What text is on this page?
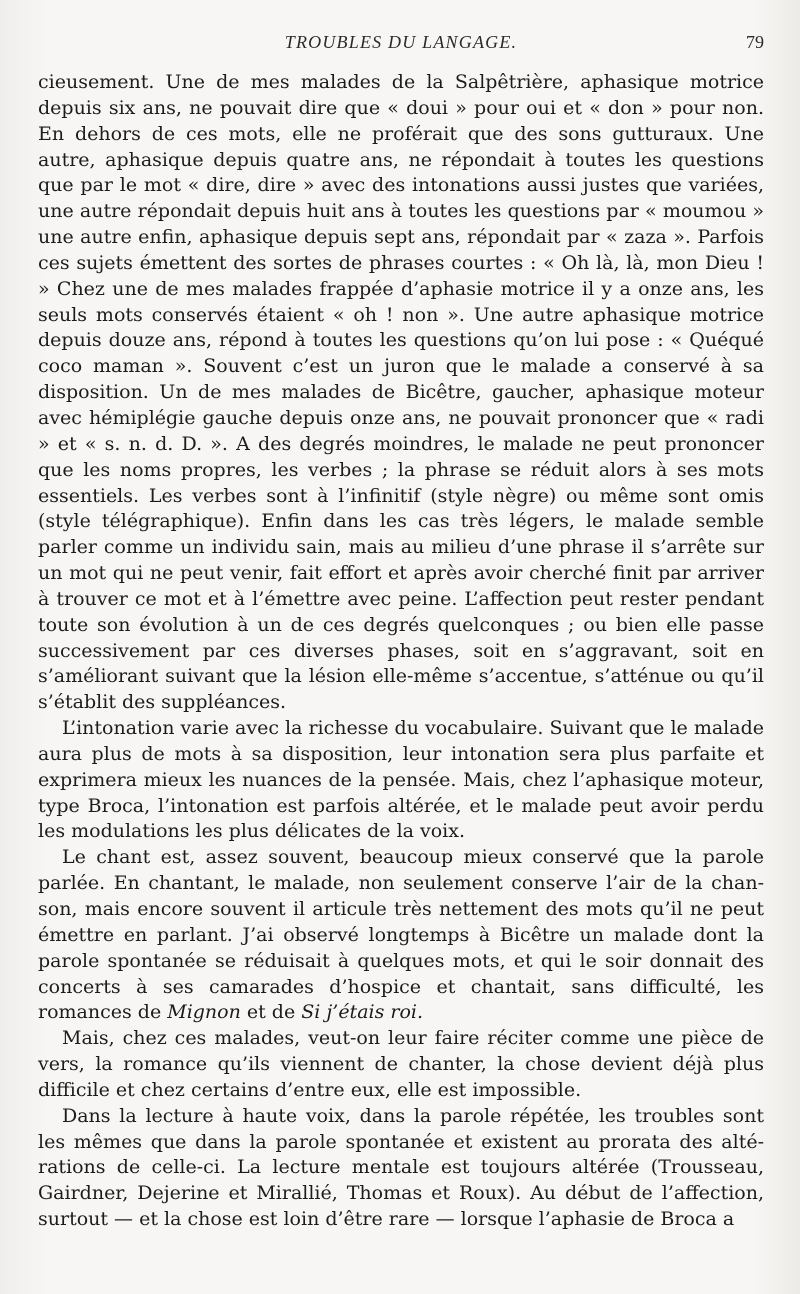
TROUBLES DU LANGAGE.	79

cieusement. Une de mes malades de la Salpêtrière, aphasique motrice depuis six ans, ne pouvait dire que « doui » pour oui et « don » pour non. En dehors de ces mots, elle ne proférait que des sons gutturaux. Une autre, aphasique depuis quatre ans, ne répondait à toutes les questions que par le mot « dire, dire » avec des intonations aussi justes que variées, une autre répondait depuis huit ans à toutes les questions par « moumou » une autre enfin, aphasique depuis sept ans, répondait par « zaza ». Parfois ces sujets émettent des sortes de phrases courtes : « Oh là, là, mon Dieu ! » Chez une de mes malades frappée d’aphasie motrice il y a onze ans, les seuls mots conservés étaient « oh ! non ». Une autre aphasique motrice depuis douze ans, répond à toutes les questions qu’on lui pose : « Quéqué coco maman ». Souvent c’est un juron que le malade a conservé à sa disposition. Un de mes malades de Bicêtre, gaucher, aphasique moteur avec hémiplégie gauche depuis onze ans, ne pouvait prononcer que « radi » et « s. n. d. D. ». A des degrés moindres, le malade ne peut prononcer que les noms propres, les verbes ; la phrase se réduit alors à ses mots essentiels. Les verbes sont à l’infinitif (style nègre) ou même sont omis (style télégraphique). Enfin dans les cas très légers, le malade semble parler comme un individu sain, mais au milieu d’une phrase il s’arrête sur un mot qui ne peut venir, fait effort et après avoir cherché finit par arriver à trouver ce mot et à l’émettre avec peine. L’affection peut rester pendant toute son évolution à un de ces degrés quelconques ; ou bien elle passe successivement par ces diverses phases, soit en s’aggravant, soit en s’améliorant suivant que la lésion elle-même s’accentue, s’atténue ou qu’il s’établit des suppléances.

L’intonation varie avec la richesse du vocabulaire. Suivant que le malade aura plus de mots à sa disposition, leur intonation sera plus parfaite et exprimera mieux les nuances de la pensée. Mais, chez l’aphasique moteur, type Broca, l’intonation est parfois altérée, et le malade peut avoir perdu les modulations les plus délicates de la voix.

Le chant est, assez souvent, beaucoup mieux conservé que la parole parlée. En chantant, le malade, non seulement conserve l’air de la chanson, mais encore souvent il articule très nettement des mots qu’il ne peut émettre en parlant. J’ai observé longtemps à Bicêtre un malade dont la parole spontanée se réduisait à quelques mots, et qui le soir donnait des concerts à ses camarades d’hospice et chantait, sans difficulté, les romances de Mignon et de Si j’étais roi.

Mais, chez ces malades, veut-on leur faire réciter comme une pièce de vers, la romance qu’ils viennent de chanter, la chose devient déjà plus difficile et chez certains d’entre eux, elle est impossible.

Dans la lecture à haute voix, dans la parole répétée, les troubles sont les mêmes que dans la parole spontanée et existent au prorata des altérations de celle-ci. La lecture mentale est toujours altérée (Trousseau, Gairdner, Dejerine et Mirallié, Thomas et Roux). Au début de l’affection, surtout — et la chose est loin d’être rare — lorsque l’aphasie de Broca a
